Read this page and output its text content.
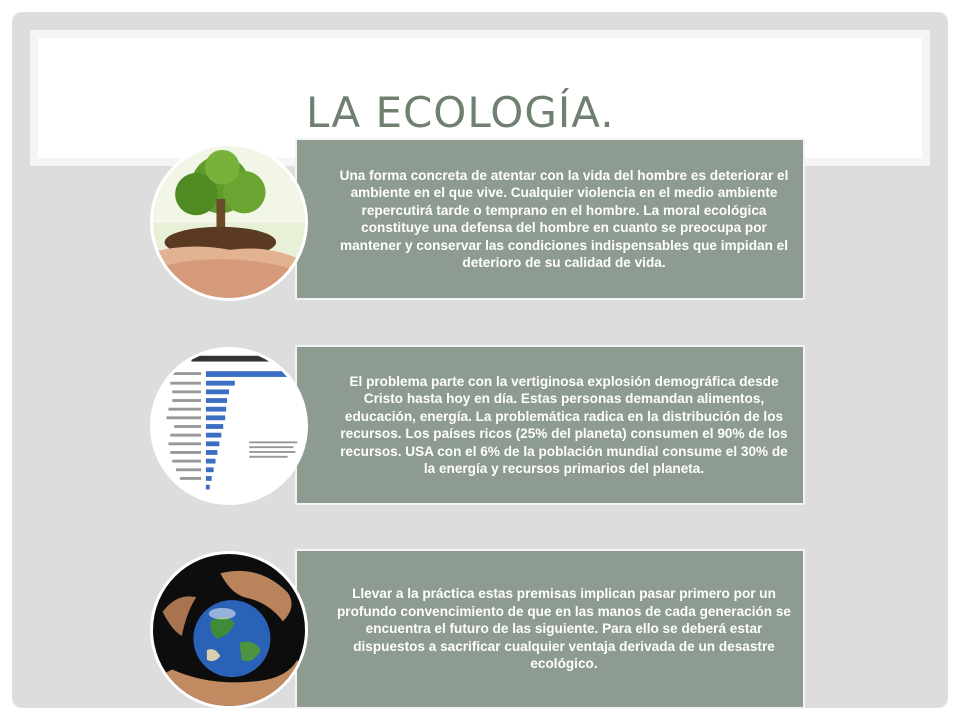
LA ECOLOGÍA.
Una forma concreta de atentar con la vida del hombre es deteriorar el ambiente en el que vive. Cualquier violencia en el medio ambiente repercutirá tarde o temprano en el hombre. La moral ecológica constituye una defensa del hombre en cuanto se preocupa por mantener y conservar las condiciones indispensables que impidan el deterioro de su calidad de vida.
El problema parte con la vertiginosa explosión demográfica desde Cristo hasta hoy en día. Estas personas demandan alimentos, educación, energía. La problemática radica en la distribución de los recursos. Los países ricos (25% del planeta) consumen el 90% de los recursos. USA con el 6% de la población mundial consume el 30% de la energía y recursos primarios del planeta.
Llevar a la práctica estas premisas implican pasar primero por un profundo convencimiento de que en las manos de cada generación se encuentra el futuro de las siguiente. Para ello se deberá estar dispuestos a sacrificar cualquier ventaja derivada de un desastre ecológico.
